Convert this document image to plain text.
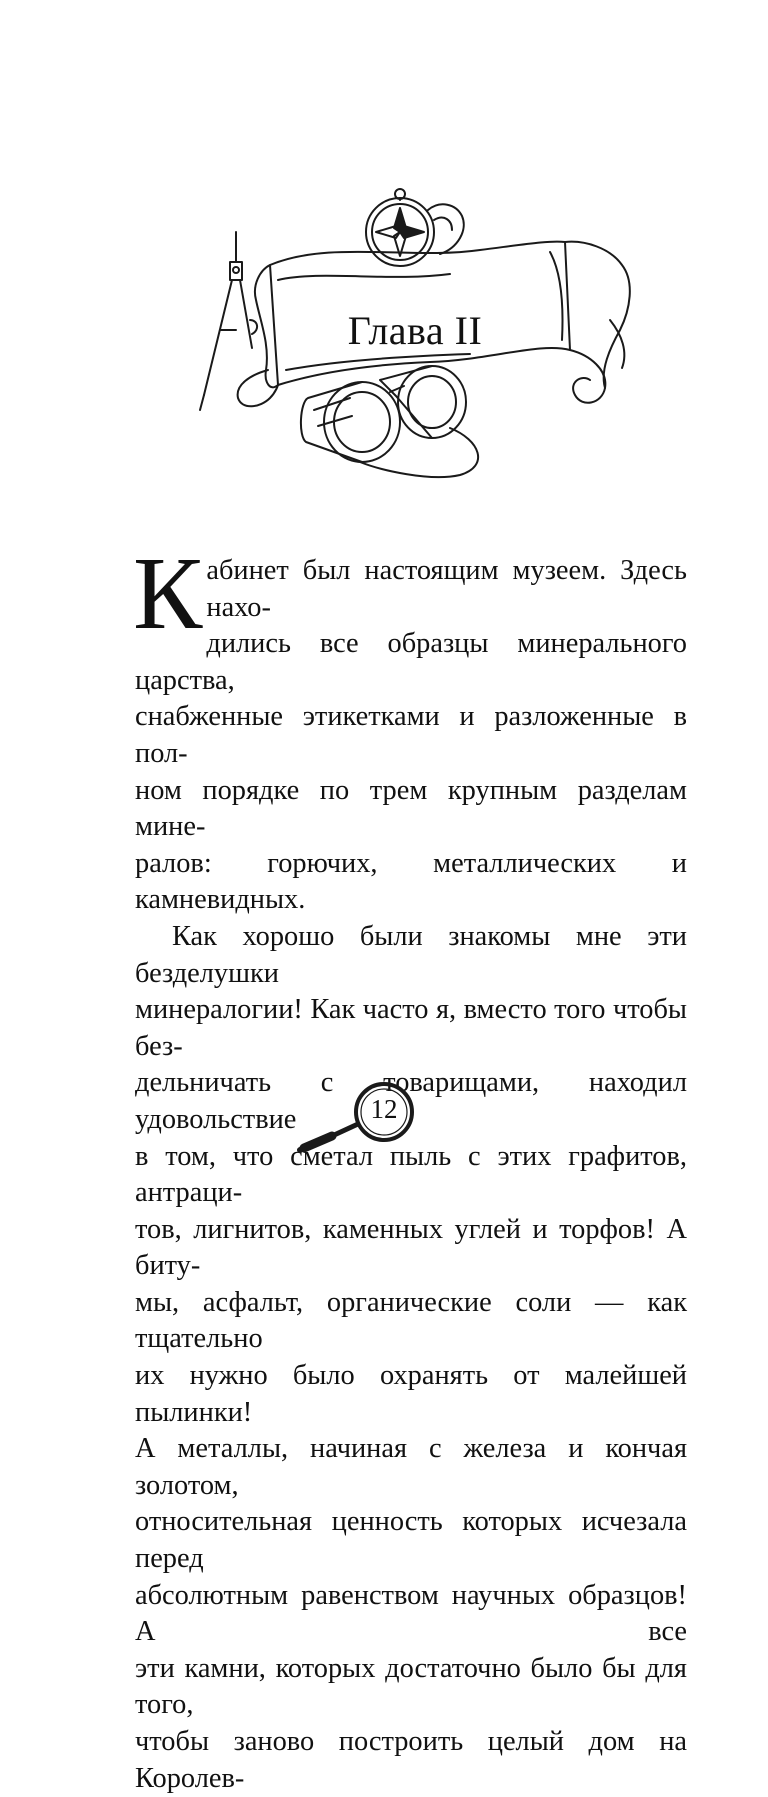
Глава II

К абинет был настоящим музеем. Здесь нахо-
дились все образцы минерального царства,
снабженные этикетками и разложенные в пол-
ном порядке по трем крупным разделам мине-
ралов: горючих, металлических и камневидных.

Как хорошо были знакомы мне эти безделушки
минералогии! Как часто я, вместо того чтобы без-
дельничать с товарищами, находил удовольствие
в том, что сметал пыль с этих графитов, антраци-
тов, лигнитов, каменных углей и торфов! А биту-
мы, асфальт, органические соли — как тщательно
их нужно было охранять от малейшей пылинки!
А металлы, начиная с железа и кончая золотом,
относительная ценность которых исчезала перед
абсолютным равенством научных образцов! А все
эти камни, которых достаточно было бы для того,
чтобы заново построить целый дом на Королев-

12
